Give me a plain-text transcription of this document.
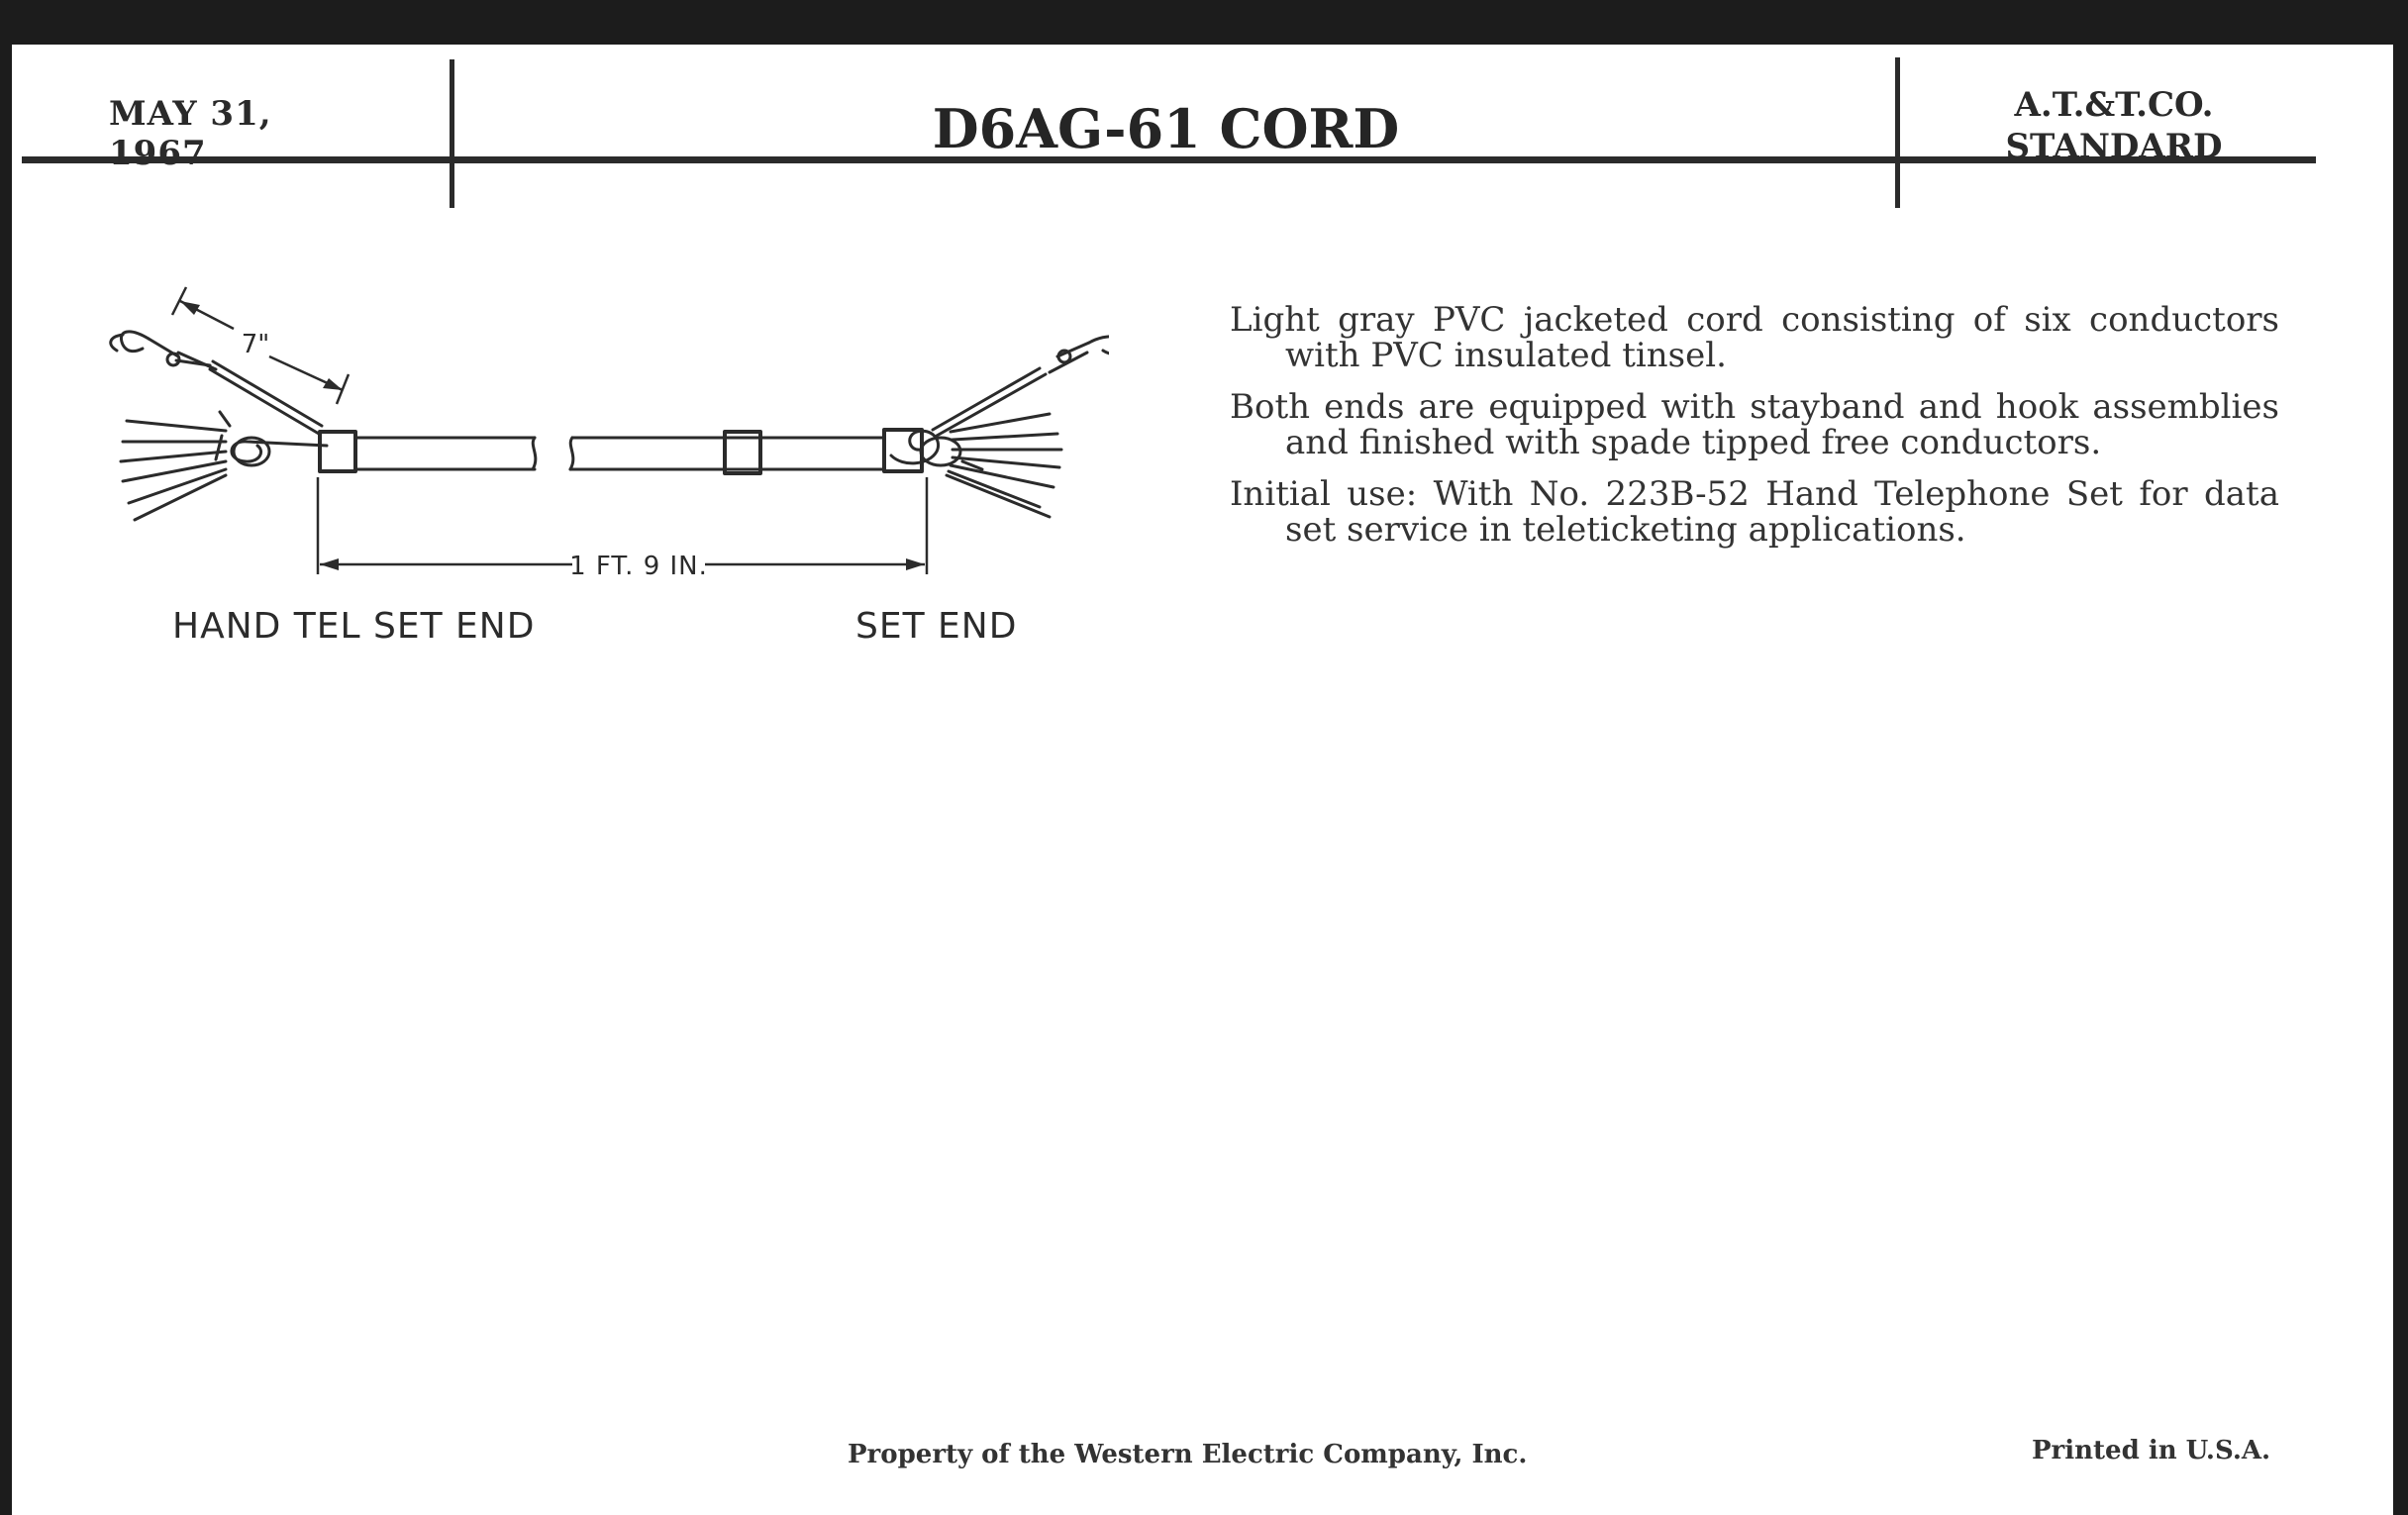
MAY 31, 1967	D6AG-61 CORD	A.T.&T.CO.
STANDARD
7"
1 FT. 9 IN.
HAND TEL SET END	SET END

Light gray PVC jacketed cord consisting of six conductors with PVC insulated tinsel.

Both ends are equipped with stayband and hook assemblies and finished with spade tipped free conductors.

Initial use: With No. 223B-52 Hand Telephone Set for data set service in teleticketing applications.

Property of the Western Electric Company, Inc.	Printed in U.S.A.
